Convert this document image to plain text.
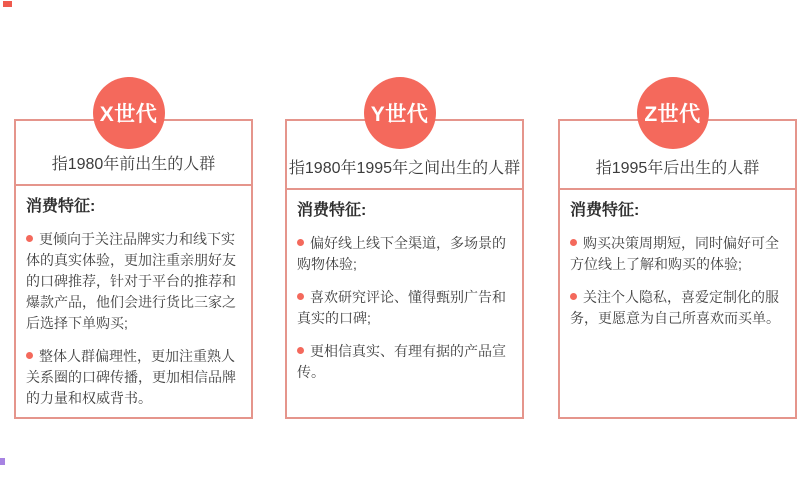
X世代
指1980年前出生的人群
消费特征:

更倾向于关注品牌实力和线下实体的真实体验，更加注重亲朋好友的口碑推荐，针对于平台的推荐和爆款产品，他们会进行货比三家之后选择下单购买;

整体人群偏理性，更加注重熟人关系圈的口碑传播，更加相信品牌的力量和权威背书。

Y世代
指1980年1995年之间出生的人群
消费特征:

偏好线上线下全渠道，多场景的购物体验;

喜欢研究评论、懂得甄别广告和真实的口碑;

更相信真实、有理有据的产品宣传。

Z世代
指1995年后出生的人群
消费特征:

购买决策周期短，同时偏好可全方位线上了解和购买的体验;

关注个人隐私，喜爱定制化的服务，更愿意为自己所喜欢而买单。
